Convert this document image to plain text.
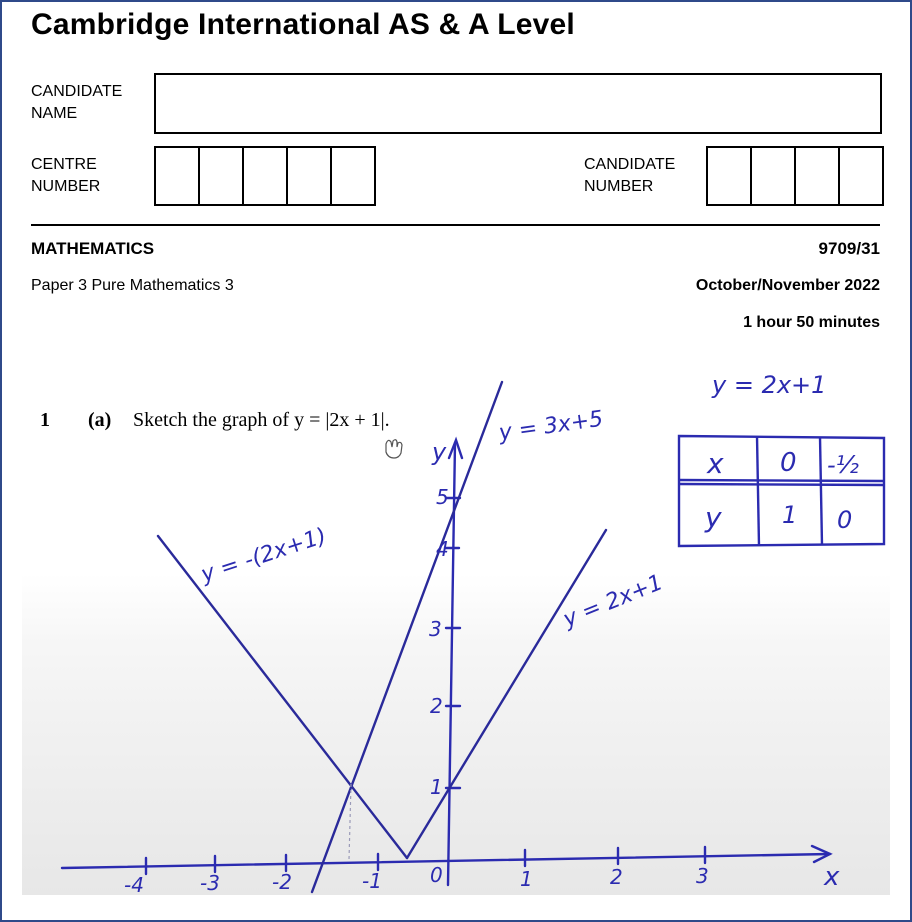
Cambridge International AS & A Level
CANDIDATE
NAME
CENTRE
NUMBER
CANDIDATE
NUMBER
MATHEMATICS	9709/31
Paper 3 Pure Mathematics 3	October/November 2022
1 hour 50 minutes
y = 2x+1
x 0 -½
y	1 0
y = 3x+5
y = -(2x+1)
y = 2x+1
y
x
-4	-3	-2	-1 0	1	2	3
1
2
3
4
5
1 (a) Sketch the graph of y = |2x + 1|.
